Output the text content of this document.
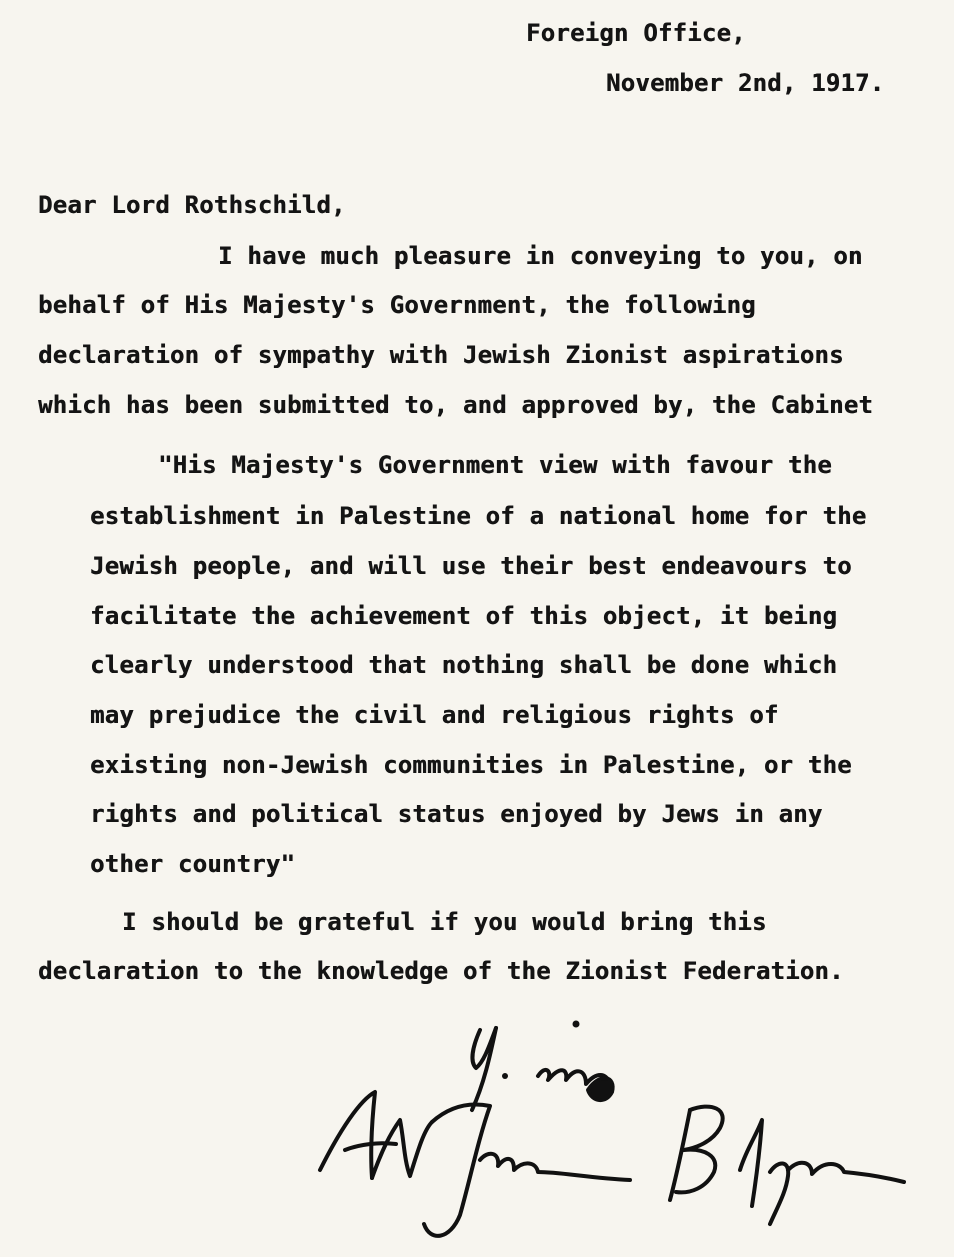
Foreign Office,
November 2nd, 1917.
Dear Lord Rothschild,
I have much pleasure in conveying to you, on
behalf of His Majesty's Government, the following
declaration of sympathy with Jewish Zionist aspirations
which has been submitted to, and approved by, the Cabinet
"His Majesty's Government view with favour the
establishment in Palestine of a national home for the
Jewish people, and will use their best endeavours to
facilitate the achievement of this object, it being
clearly understood that nothing shall be done which
may prejudice the civil and religious rights of
existing non-Jewish communities in Palestine, or the
rights and political status enjoyed by Jews in any
other country"
I should be grateful if you would bring this
declaration to the knowledge of the Zionist Federation.
